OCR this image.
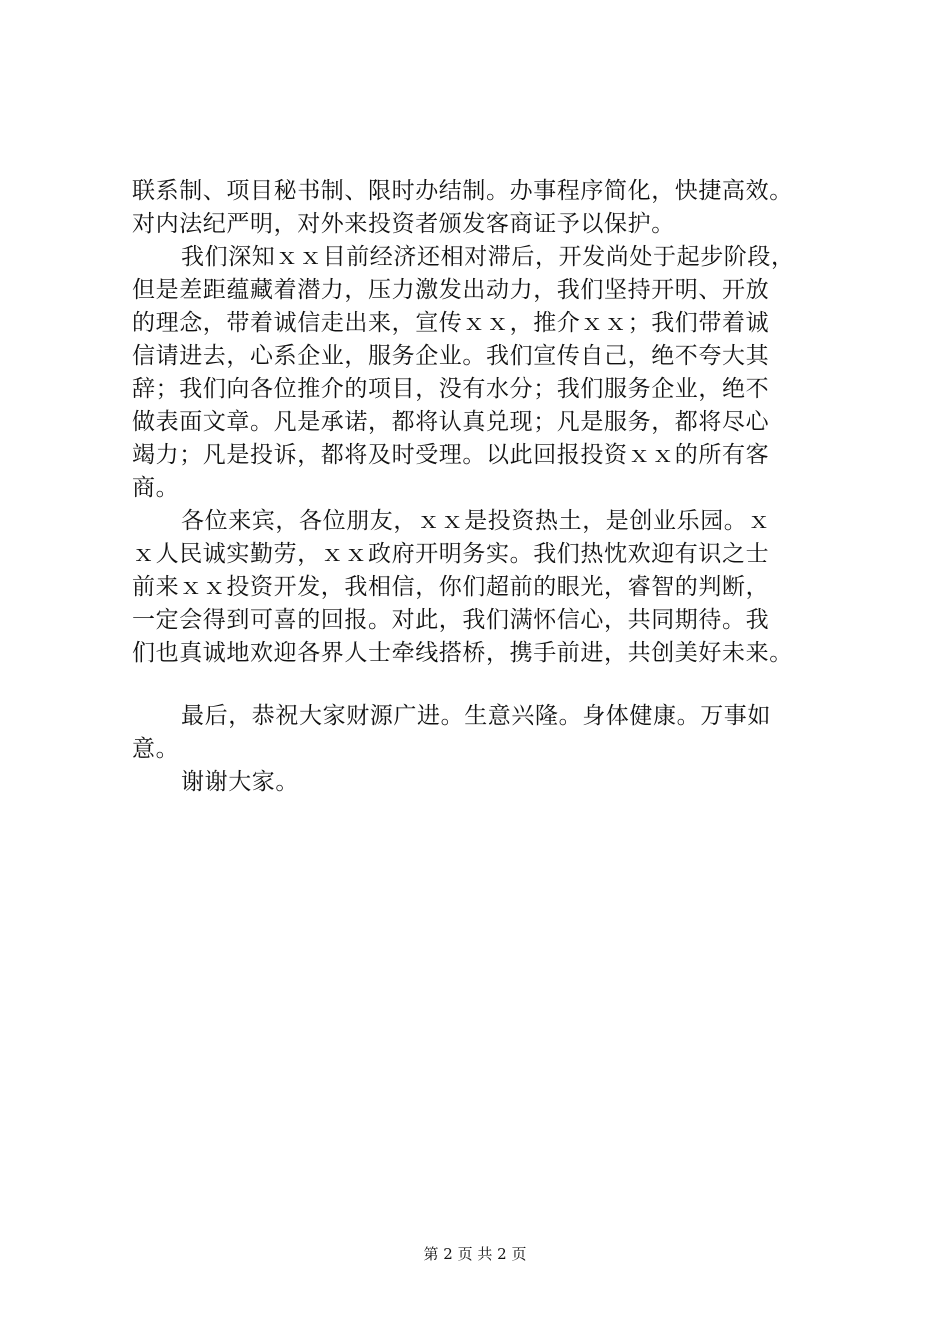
联系制、项目秘书制、限时办结制。办事程序简化，快捷高效。
对内法纪严明，对外来投资者颁发客商证予以保护。
我们深知ｘｘ目前经济还相对滞后，开发尚处于起步阶段，
但是差距蕴藏着潜力，压力激发出动力，我们坚持开明、开放
的理念，带着诚信走出来，宣传ｘｘ，推介ｘｘ；我们带着诚
信请进去，心系企业，服务企业。我们宣传自己，绝不夸大其
辞；我们向各位推介的项目，没有水分；我们服务企业，绝不
做表面文章。凡是承诺，都将认真兑现；凡是服务，都将尽心
竭力；凡是投诉，都将及时受理。以此回报投资ｘｘ的所有客
商。
各位来宾，各位朋友，ｘｘ是投资热土，是创业乐园。ｘ
ｘ人民诚实勤劳，ｘｘ政府开明务实。我们热忱欢迎有识之士
前来ｘｘ投资开发，我相信，你们超前的眼光，睿智的判断，
一定会得到可喜的回报。对此，我们满怀信心，共同期待。我
们也真诚地欢迎各界人士牵线搭桥，携手前进，共创美好未来。
最后，恭祝大家财源广进。生意兴隆。身体健康。万事如
意。
谢谢大家。
第 2 页 共 2 页
